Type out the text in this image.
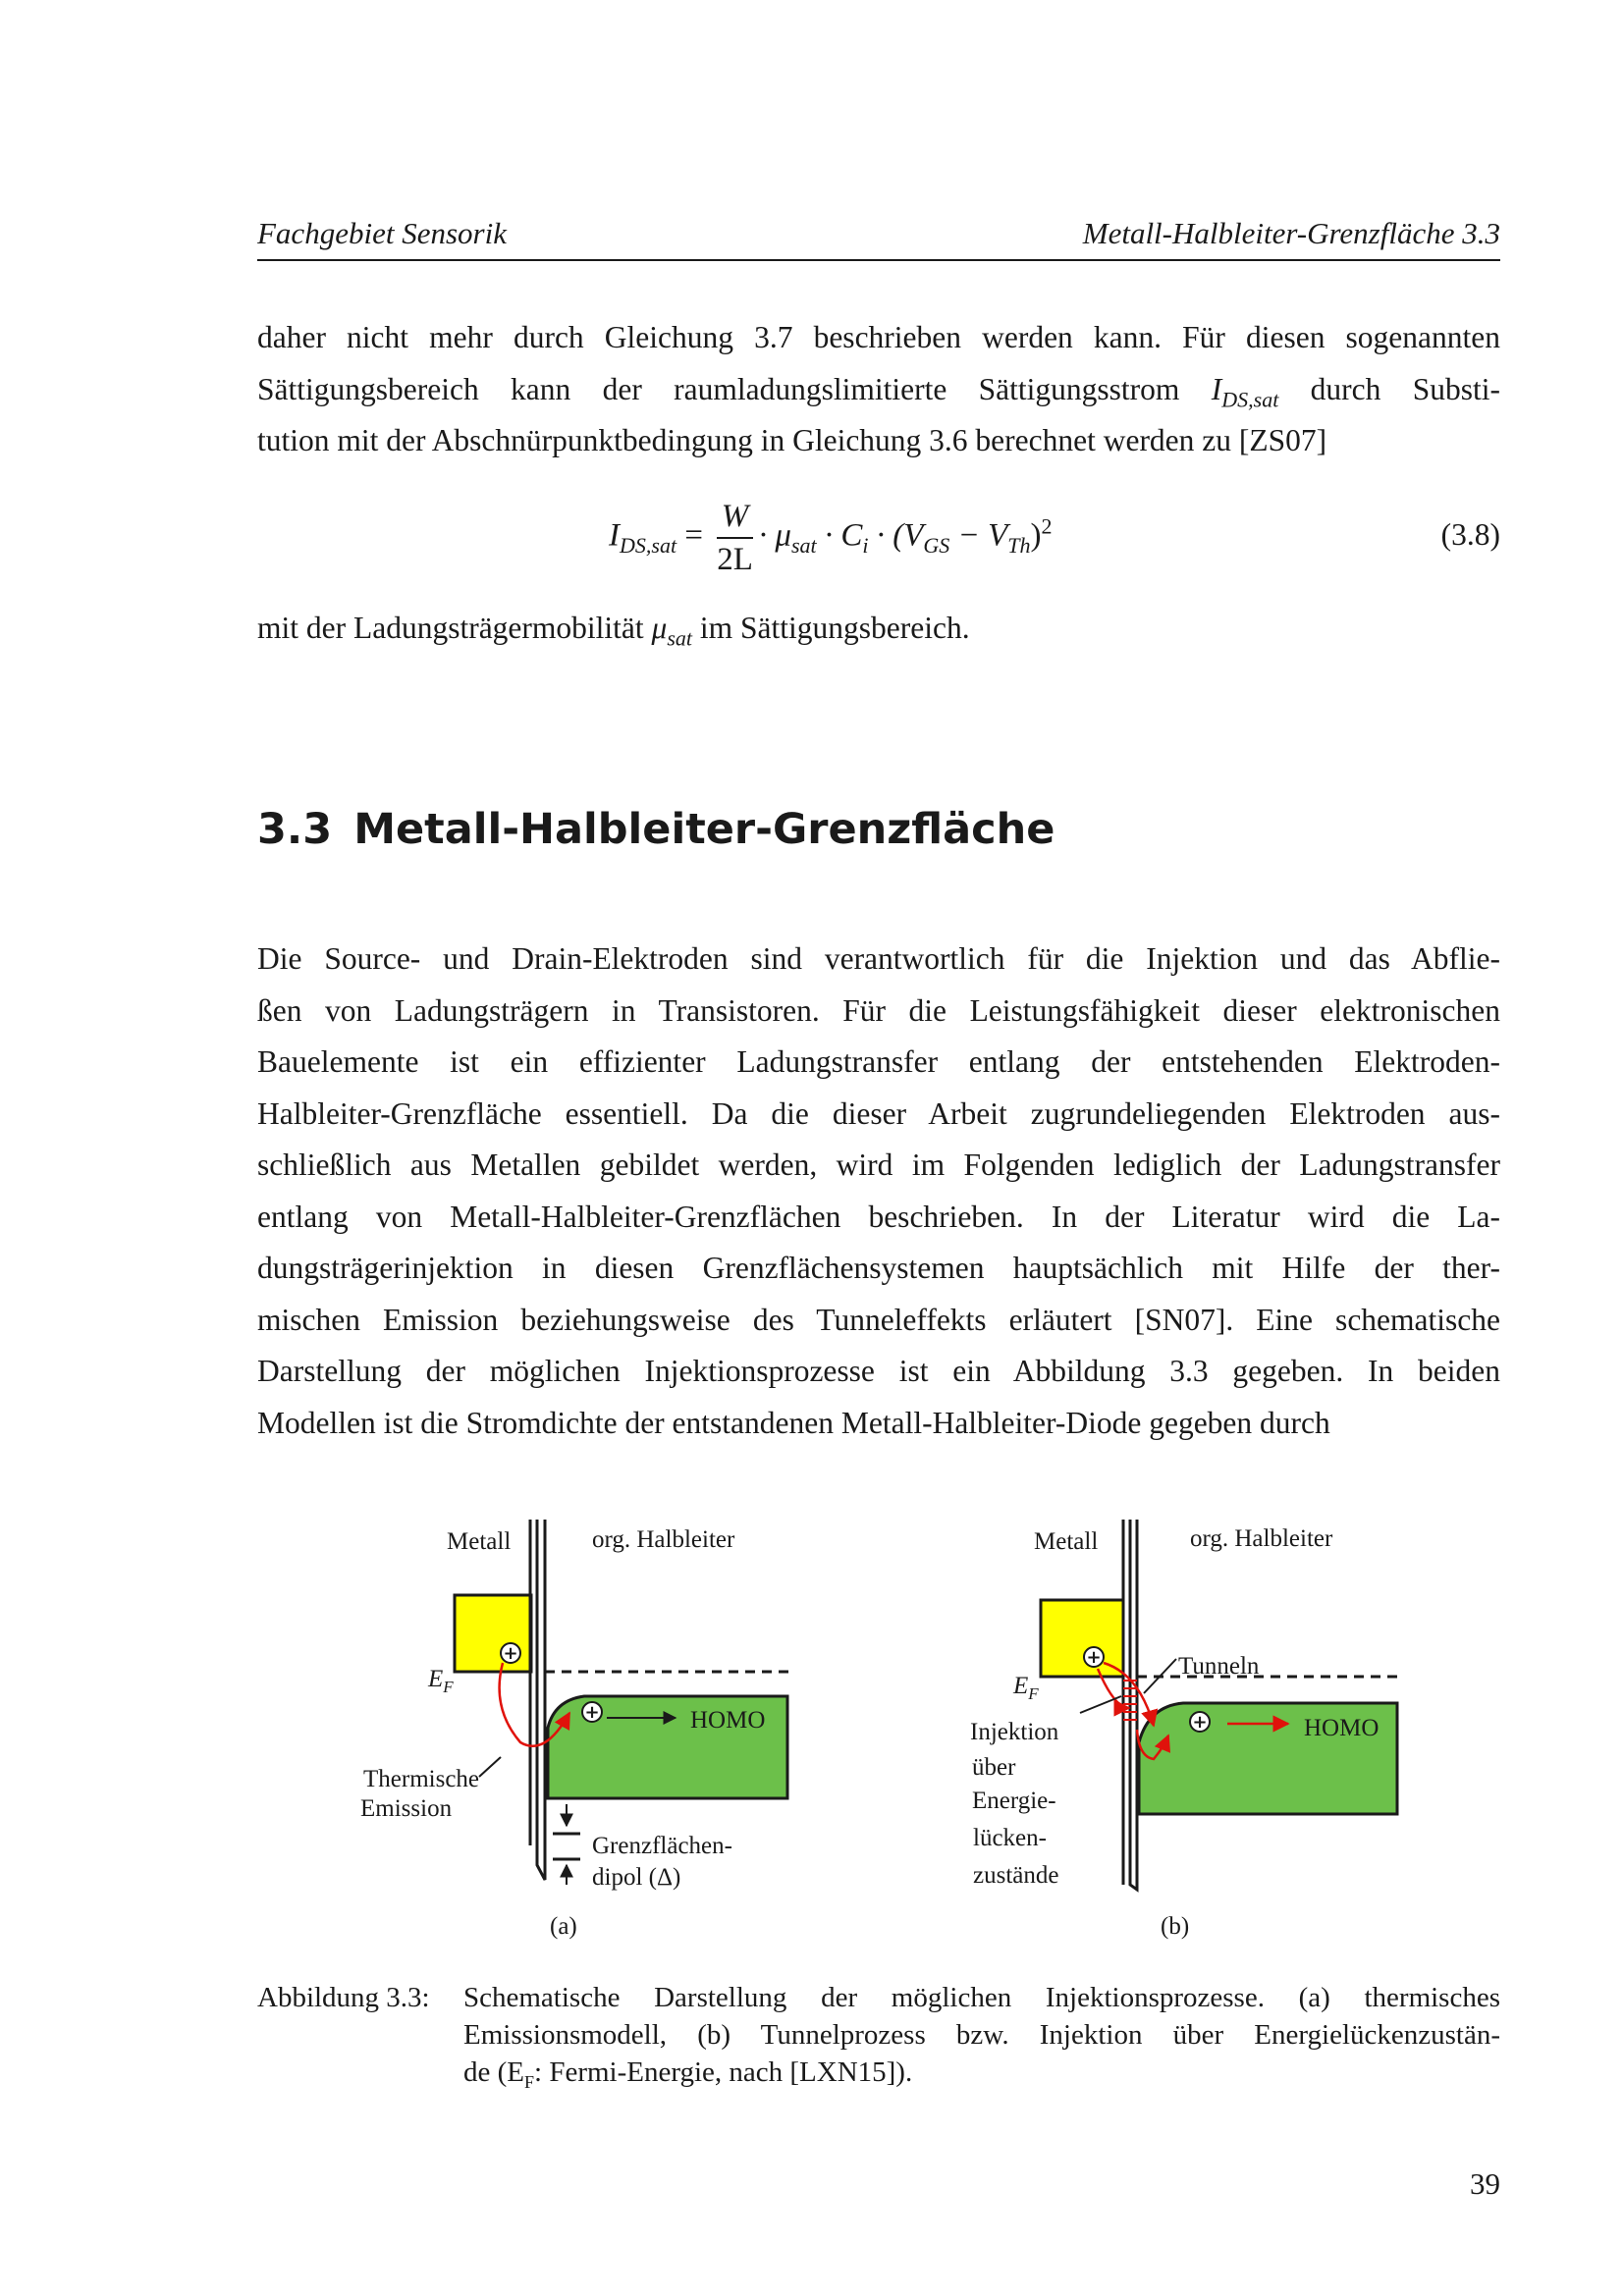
Fachgebiet Sensorik	Metall-Halbleiter-Grenzfläche 3.3
daher nicht mehr durch Gleichung 3.7 beschrieben werden kann. Für diesen sogenannten
Sättigungsbereich kann der raumladungslimitierte Sättigungsstrom $I_{DS,sat}$ durch Substi-
tution mit der Abschnürpunktbedingung in Gleichung 3.6 berechnet werden zu [ZS07]
$I_{DS,sat} = \frac{W}{2L} \cdot \mu_{sat} \cdot C_i \cdot (V_{GS} - V_{Th})^2$	(3.8)
mit der Ladungsträgermobilität $\mu_{sat}$ im Sättigungsbereich.
3.3 Metall-Halbleiter-Grenzfläche
Die Source- und Drain-Elektroden sind verantwortlich für die Injektion und das Abflie-
ßen von Ladungsträgern in Transistoren. Für die Leistungsfähigkeit dieser elektronischen
Bauelemente ist ein effizienter Ladungstransfer entlang der entstehenden Elektroden-
Halbleiter-Grenzfläche essentiell. Da die dieser Arbeit zugrundeliegenden Elektroden aus-
schließlich aus Metallen gebildet werden, wird im Folgenden lediglich der Ladungstransfer
entlang von Metall-Halbleiter-Grenzflächen beschrieben. In der Literatur wird die La-
dungsträgerinjektion in diesen Grenzflächensystemen hauptsächlich mit Hilfe der ther-
mischen Emission beziehungsweise des Tunneleffekts erläutert [SN07]. Eine schematische
Darstellung der möglichen Injektionsprozesse ist ein Abbildung 3.3 gegeben. In beiden
Modellen ist die Stromdichte der entstandenen Metall-Halbleiter-Diode gegeben durch
Metall	org. Halbleiter
$E_F$
HOMO
+
+
Thermische
Emission
Grenzflächen-
dipol (Δ)
(a)
Metall	org. Halbleiter
$E_F$
HOMO
+
+
Tunneln
Injektion
über
Energie-
lücken-
zustände
(b)
Abbildung 3.3: Schematische Darstellung der möglichen Injektionsprozesse. (a) thermisches
Emissionsmodell, (b) Tunnelprozess bzw. Injektion über Energielückenzustän-
de ($E_F$: Fermi-Energie, nach [LXN15]).
39
